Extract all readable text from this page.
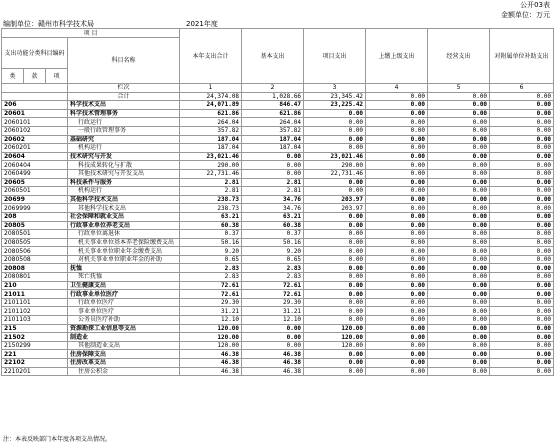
公开03表
金额单位：万元
编制单位：赣州市科学技术局	2021年度
项 目				本年支出合计	基本支出	项目支出	上缴上级支出	经营支出	对附属单位补助支出
支出功能分类科目编码			科目名称						
类	款	项							
			栏次	1	2	3	4	5	6
			合计	24,374.08	1,028.66	23,345.42	0.00	0.00	0.00
206			科学技术支出	24,071.89	846.47	23,225.42	0.00	0.00	0.00
20601			科学技术管理事务	621.86	621.86	0.00	0.00	0.00	0.00
2060101			行政运行	264.04	264.04	0.00	0.00	0.00	0.00
2060102			一般行政管理事务	357.82	357.82	0.00	0.00	0.00	0.00
20602			基础研究	187.04	187.04	0.00	0.00	0.00	0.00
2060201			机构运行	187.04	187.04	0.00	0.00	0.00	0.00
20604			技术研究与开发	23,021.46	0.00	23,021.46	0.00	0.00	0.00
2060404			科技成果转化与扩散	290.00	0.00	290.00	0.00	0.00	0.00
2060499			其他技术研究与开发支出	22,731.46	0.00	22,731.46	0.00	0.00	0.00
20605			科技条件与服务	2.81	2.81	0.00	0.00	0.00	0.00
2060501			机构运行	2.81	2.81	0.00	0.00	0.00	0.00
20699			其他科学技术支出	238.73	34.76	203.97	0.00	0.00	0.00
2069999			其他科学技术支出	238.73	34.76	203.97	0.00	0.00	0.00
208			社会保障和就业支出	63.21	63.21	0.00	0.00	0.00	0.00
20805			行政事业单位养老支出	60.38	60.38	0.00	0.00	0.00	0.00
2080501			行政单位离退休	0.37	0.37	0.00	0.00	0.00	0.00
2080505			机关事业单位基本养老保险缴费支出	50.16	50.16	0.00	0.00	0.00	0.00
2080506			机关事业单位职业年金缴费支出	9.20	9.20	0.00	0.00	0.00	0.00
2080508			对机关事业单位职业年金的补助	0.65	0.65	0.00	0.00	0.00	0.00
20808			抚恤	2.83	2.83	0.00	0.00	0.00	0.00
2080801			死亡抚恤	2.83	2.83	0.00	0.00	0.00	0.00
210			卫生健康支出	72.61	72.61	0.00	0.00	0.00	0.00
21011			行政事业单位医疗	72.61	72.61	0.00	0.00	0.00	0.00
2101101			行政单位医疗	29.30	29.30	0.00	0.00	0.00	0.00
2101102			事业单位医疗	31.21	31.21	0.00	0.00	0.00	0.00
2101103			公务员医疗补助	12.10	12.10	0.00	0.00	0.00	0.00
215			资源勘探工业信息等支出	120.00	0.00	120.00	0.00	0.00	0.00
21502			制造业	120.00	0.00	120.00	0.00	0.00	0.00
2150299			其他制造业支出	120.00	0.00	120.00	0.00	0.00	0.00
221			住房保障支出	46.38	46.38	0.00	0.00	0.00	0.00
22102			住房改革支出	46.38	46.38	0.00	0.00	0.00	0.00
2210201			住房公积金	46.38	46.38	0.00	0.00	0.00	0.00
注：本表反映部门本年度各项支出情况。
